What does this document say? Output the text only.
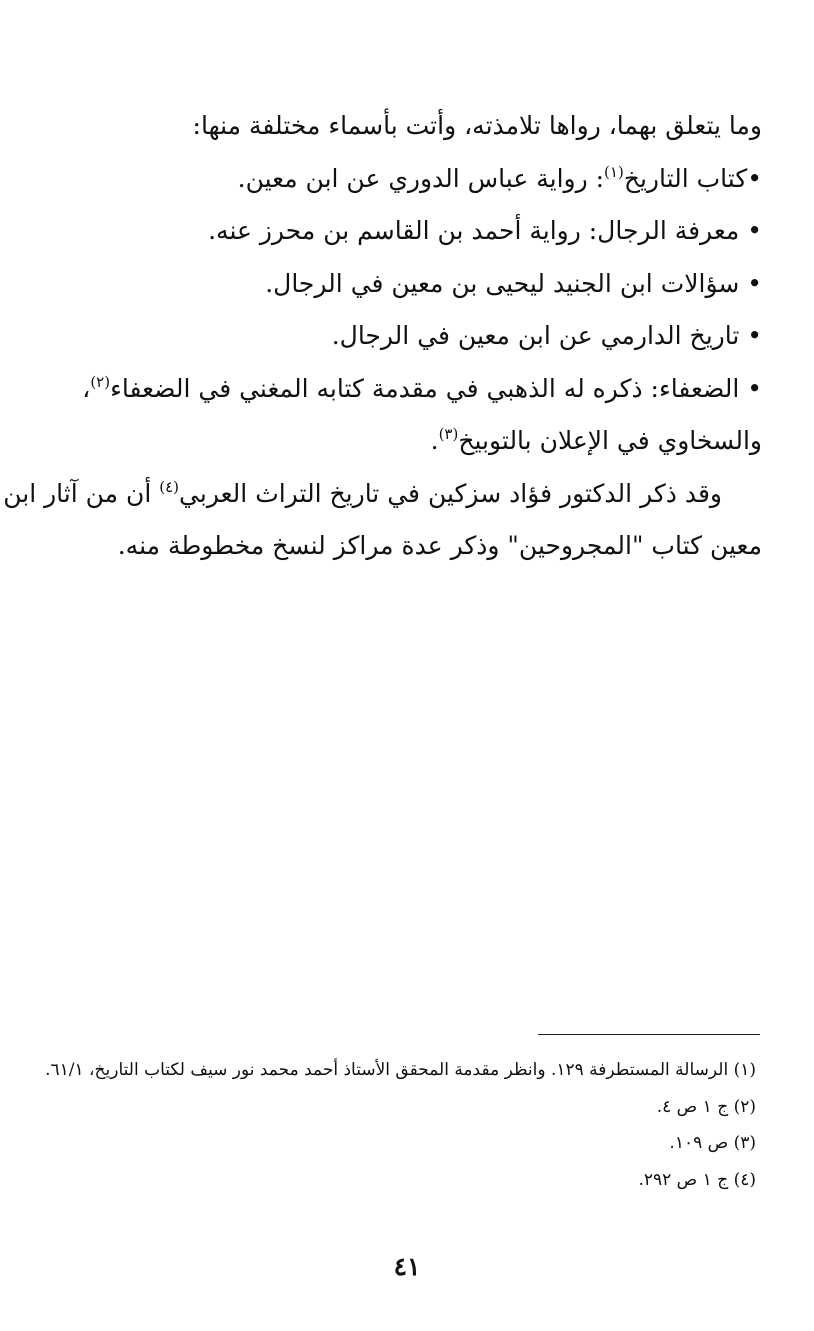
وما يتعلق بهما، رواها تلامذته، وأتت بأسماء مختلفة منها:
•كتاب التاريخ$^{(١)}$: رواية عباس الدوري عن ابن معين.
• معرفة الرجال: رواية أحمد بن القاسم بن محرز عنه.
• سؤالات ابن الجنيد ليحيى بن معين في الرجال.
• تاريخ الدارمي عن ابن معين في الرجال.
• الضعفاء: ذكره له الذهبي في مقدمة كتابه المغني في الضعفاء$^{(٢)}$،
والسخاوي في الإعلان بالتوبيخ$^{(٣)}$.
وقد ذكر الدكتور فؤاد سزكين في تاريخ التراث العربي$^{(٤)}$ أن من آثار ابن
معين كتاب "المجروحين" وذكر عدة مراكز لنسخ مخطوطة منه.
(١) الرسالة المستطرفة ١٢٩. وانظر مقدمة المحقق الأستاذ أحمد محمد نور سيف لكتاب التاريخ، ٦١/١.
(٢) ج ١ ص ٤.
(٣) ص ١٠٩.
(٤) ج ١ ص ٢٩٢.
٤١
